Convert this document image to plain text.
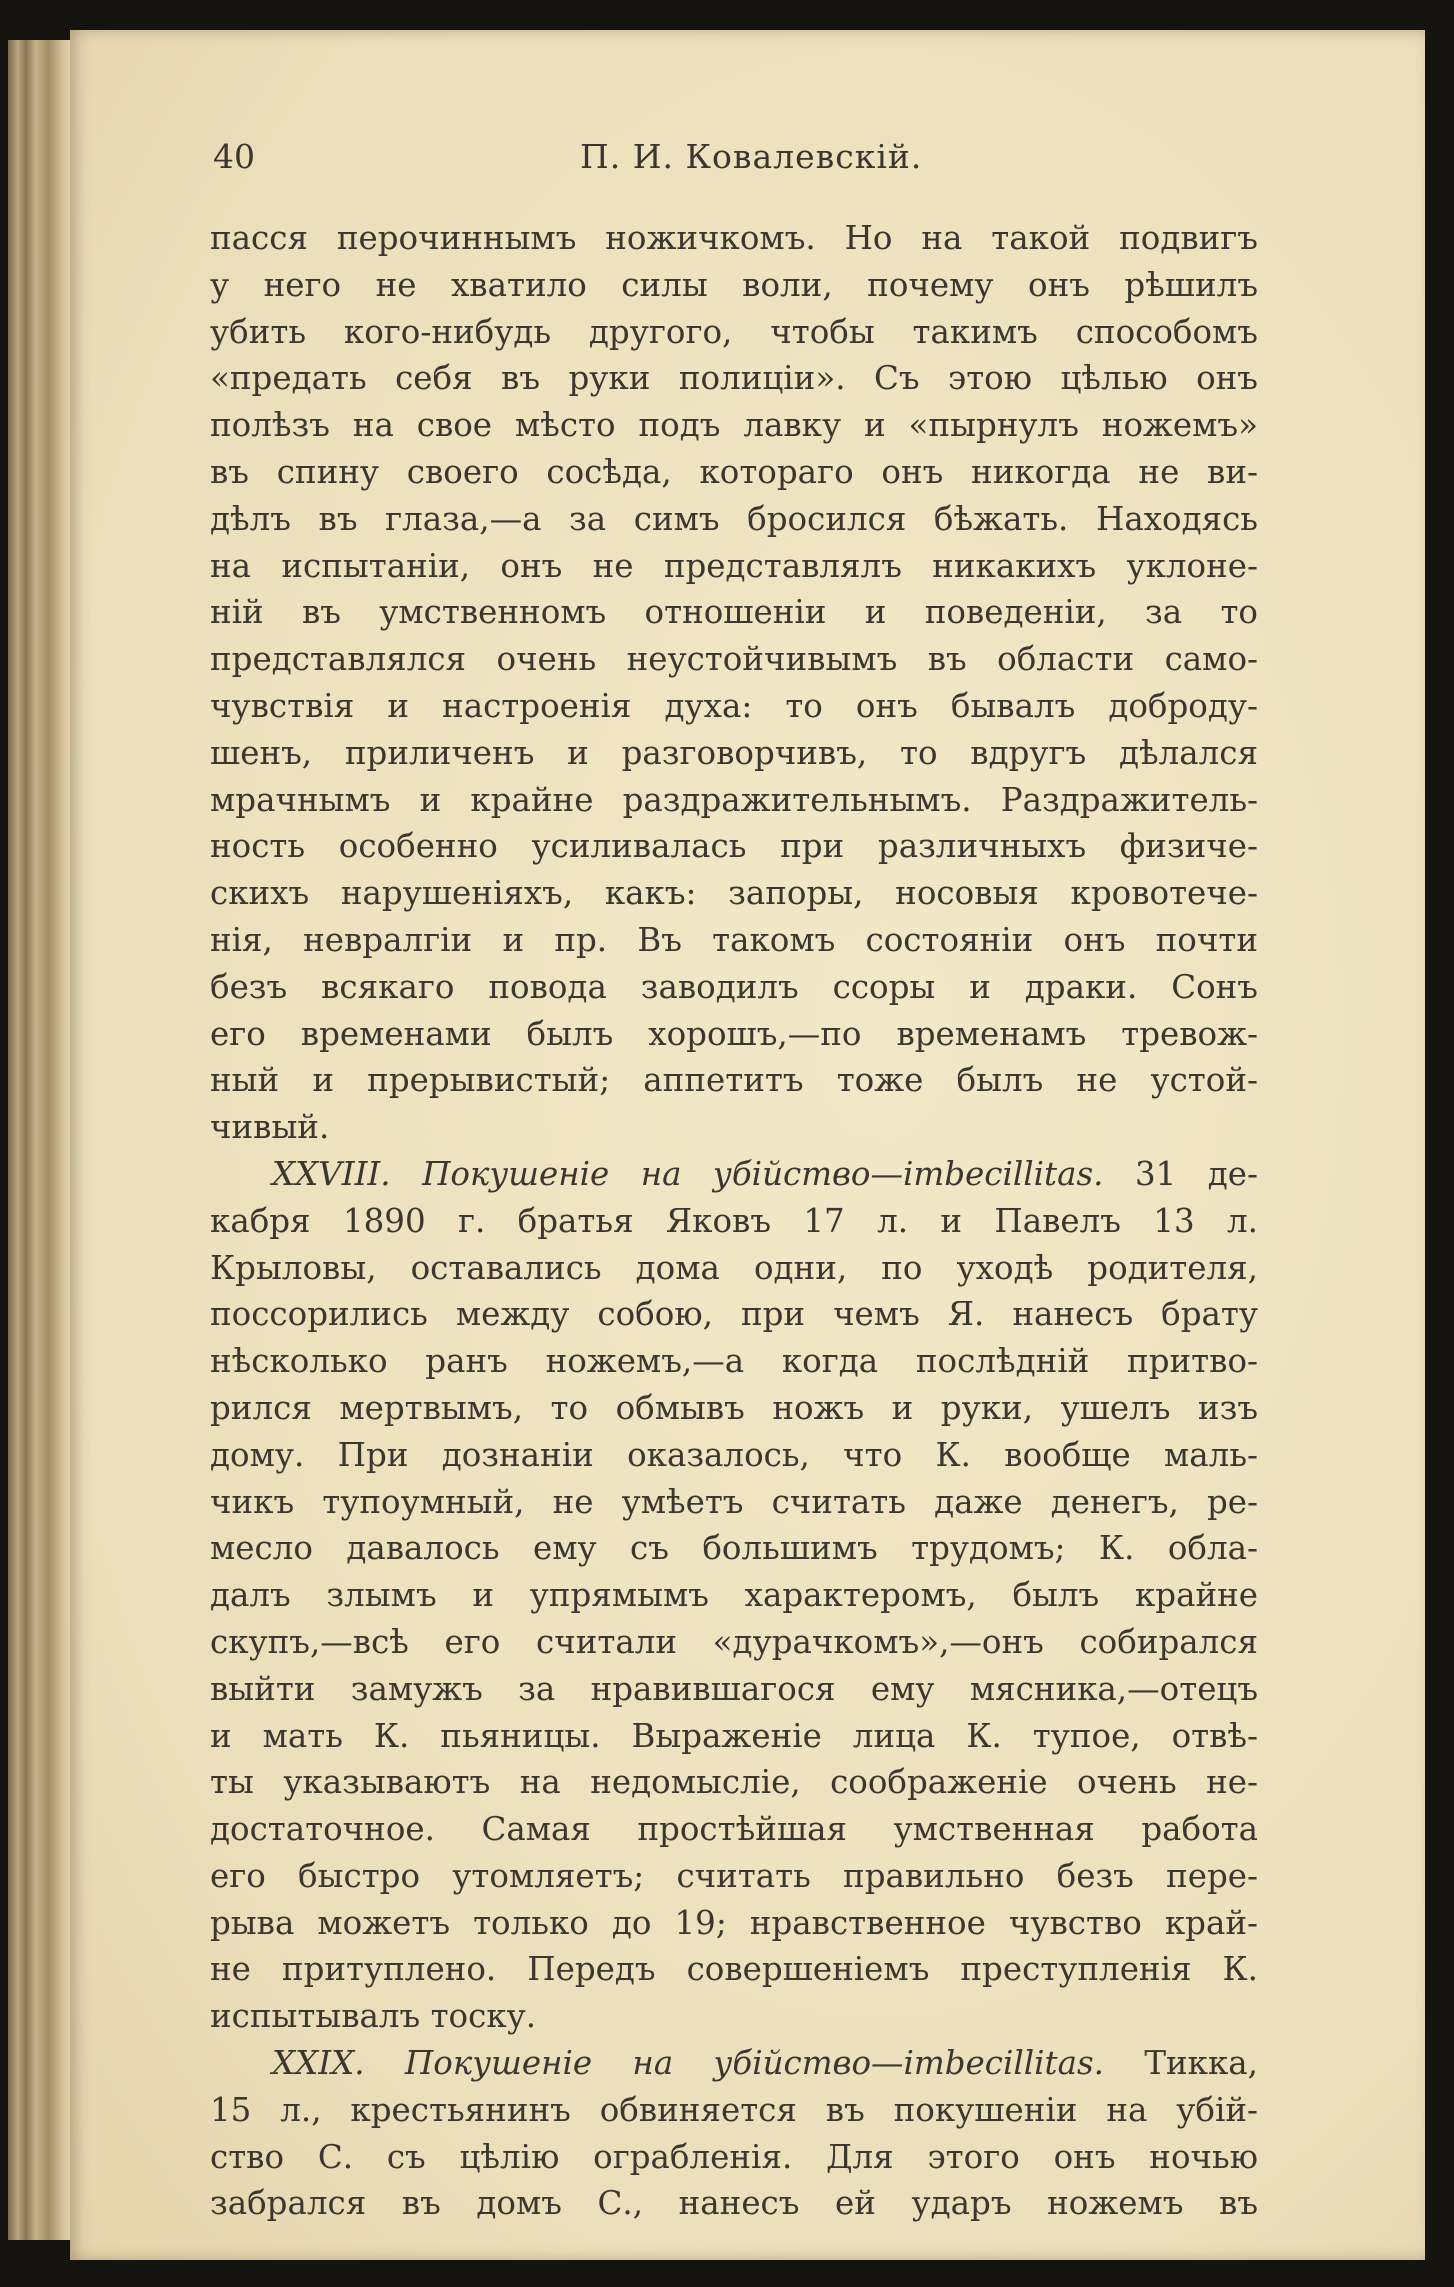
40	П. И. Ковалевскій.
пасся перочиннымъ ножичкомъ. Но на такой подвигъ
у него не хватило силы воли, почему онъ рѣшилъ
убить кого-нибудь другого, чтобы такимъ способомъ
«предать себя въ руки полиціи». Съ этою цѣлью онъ
полѣзъ на свое мѣсто подъ лавку и «пырнулъ ножемъ»
въ спину своего сосѣда, котораго онъ никогда не ви-
дѣлъ въ глаза,—а за симъ бросился бѣжать. Находясь
на испытаніи, онъ не представлялъ никакихъ уклоне-
ній въ умственномъ отношеніи и поведеніи, за то
представлялся очень неустойчивымъ въ области само-
чувствія и настроенія духа: то онъ бывалъ доброду-
шенъ, приличенъ и разговорчивъ, то вдругъ дѣлался
мрачнымъ и крайне раздражительнымъ. Раздражитель-
ность особенно усиливалась при различныхъ физиче-
скихъ нарушеніяхъ, какъ: запоры, носовыя кровотече-
нія, невралгіи и пр. Въ такомъ состояніи онъ почти
безъ всякаго повода заводилъ ссоры и драки. Сонъ
его временами былъ хорошъ,—по временамъ тревож-
ный и прерывистый; аппетитъ тоже былъ не устой-
чивый.
XXVIII. Покушеніе на убійство—imbecillitas. 31 де-
кабря 1890 г. братья Яковъ 17 л. и Павелъ 13 л.
Крыловы, оставались дома одни, по уходѣ родителя,
поссорились между собою, при чемъ Я. нанесъ брату
нѣсколько ранъ ножемъ,—а когда послѣдній притво-
рился мертвымъ, то обмывъ ножъ и руки, ушелъ изъ
дому. При дознаніи оказалось, что К. вообще маль-
чикъ тупоумный, не умѣетъ считать даже денегъ, ре-
месло давалось ему съ большимъ трудомъ; К. обла-
далъ злымъ и упрямымъ характеромъ, былъ крайне
скупъ,—всѣ его считали «дурачкомъ»,—онъ собирался
выйти замужъ за нравившагося ему мясника,—отецъ
и мать К. пьяницы. Выраженіе лица К. тупое, отвѣ-
ты указываютъ на недомысліе, соображеніе очень не-
достаточное. Самая простѣйшая умственная работа
его быстро утомляетъ; считать правильно безъ пере-
рыва можетъ только до 19; нравственное чувство край-
не притуплено. Передъ совершеніемъ преступленія К.
испытывалъ тоску.
XXIX. Покушеніе на убійство—imbecillitas. Тикка,
15 л., крестьянинъ обвиняется въ покушеніи на убій-
ство С. съ цѣлію ограбленія. Для этого онъ ночью
забрался въ домъ С., нанесъ ей ударъ ножемъ въ
